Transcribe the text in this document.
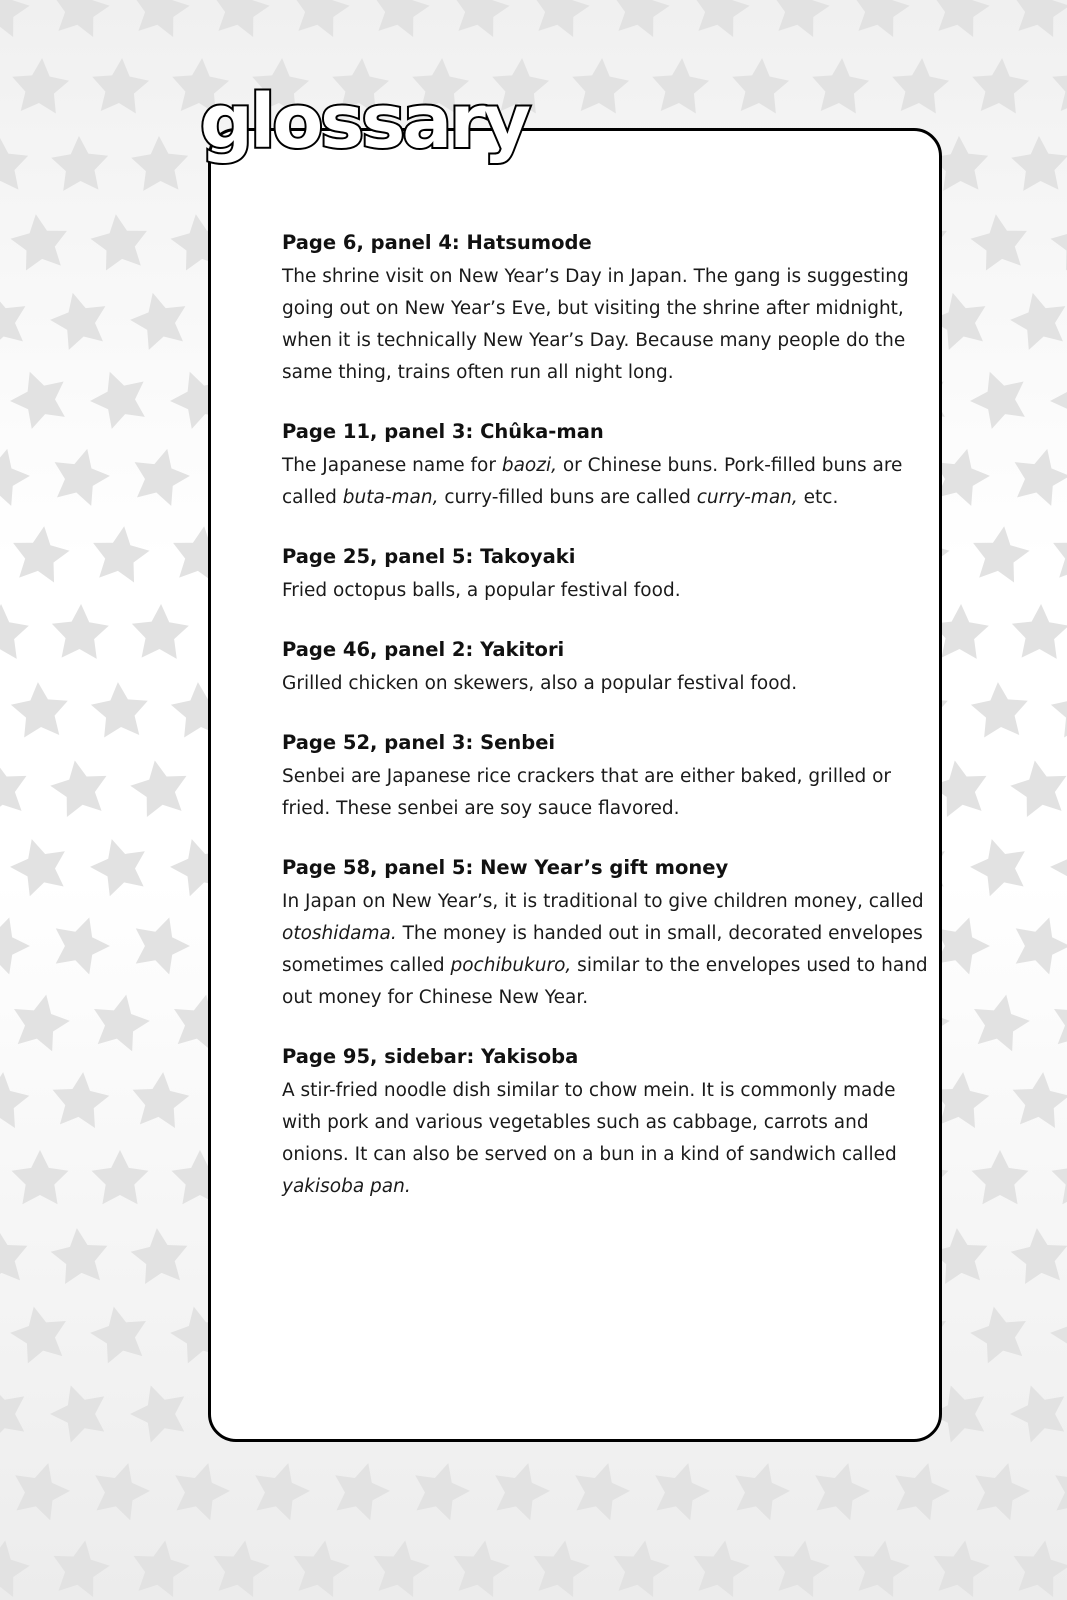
glossary
Page 6, panel 4: Hatsumode

The shrine visit on New Year’s Day in Japan. The gang is suggesting
going out on New Year’s Eve, but visiting the shrine after midnight,
when it is technically New Year’s Day. Because many people do the
same thing, trains often run all night long.

Page 11, panel 3: Chûka-man

The Japanese name for baozi, or Chinese buns. Pork-filled buns are
called buta-man, curry-filled buns are called curry-man, etc.

Page 25, panel 5: Takoyaki

Fried octopus balls, a popular festival food.

Page 46, panel 2: Yakitori

Grilled chicken on skewers, also a popular festival food.

Page 52, panel 3: Senbei

Senbei are Japanese rice crackers that are either baked, grilled or
fried. These senbei are soy sauce flavored.

Page 58, panel 5: New Year’s gift money

In Japan on New Year’s, it is traditional to give children money, called
otoshidama. The money is handed out in small, decorated envelopes
sometimes called pochibukuro, similar to the envelopes used to hand
out money for Chinese New Year.

Page 95, sidebar: Yakisoba

A stir-fried noodle dish similar to chow mein. It is commonly made
with pork and various vegetables such as cabbage, carrots and
onions. It can also be served on a bun in a kind of sandwich called
yakisoba pan.
